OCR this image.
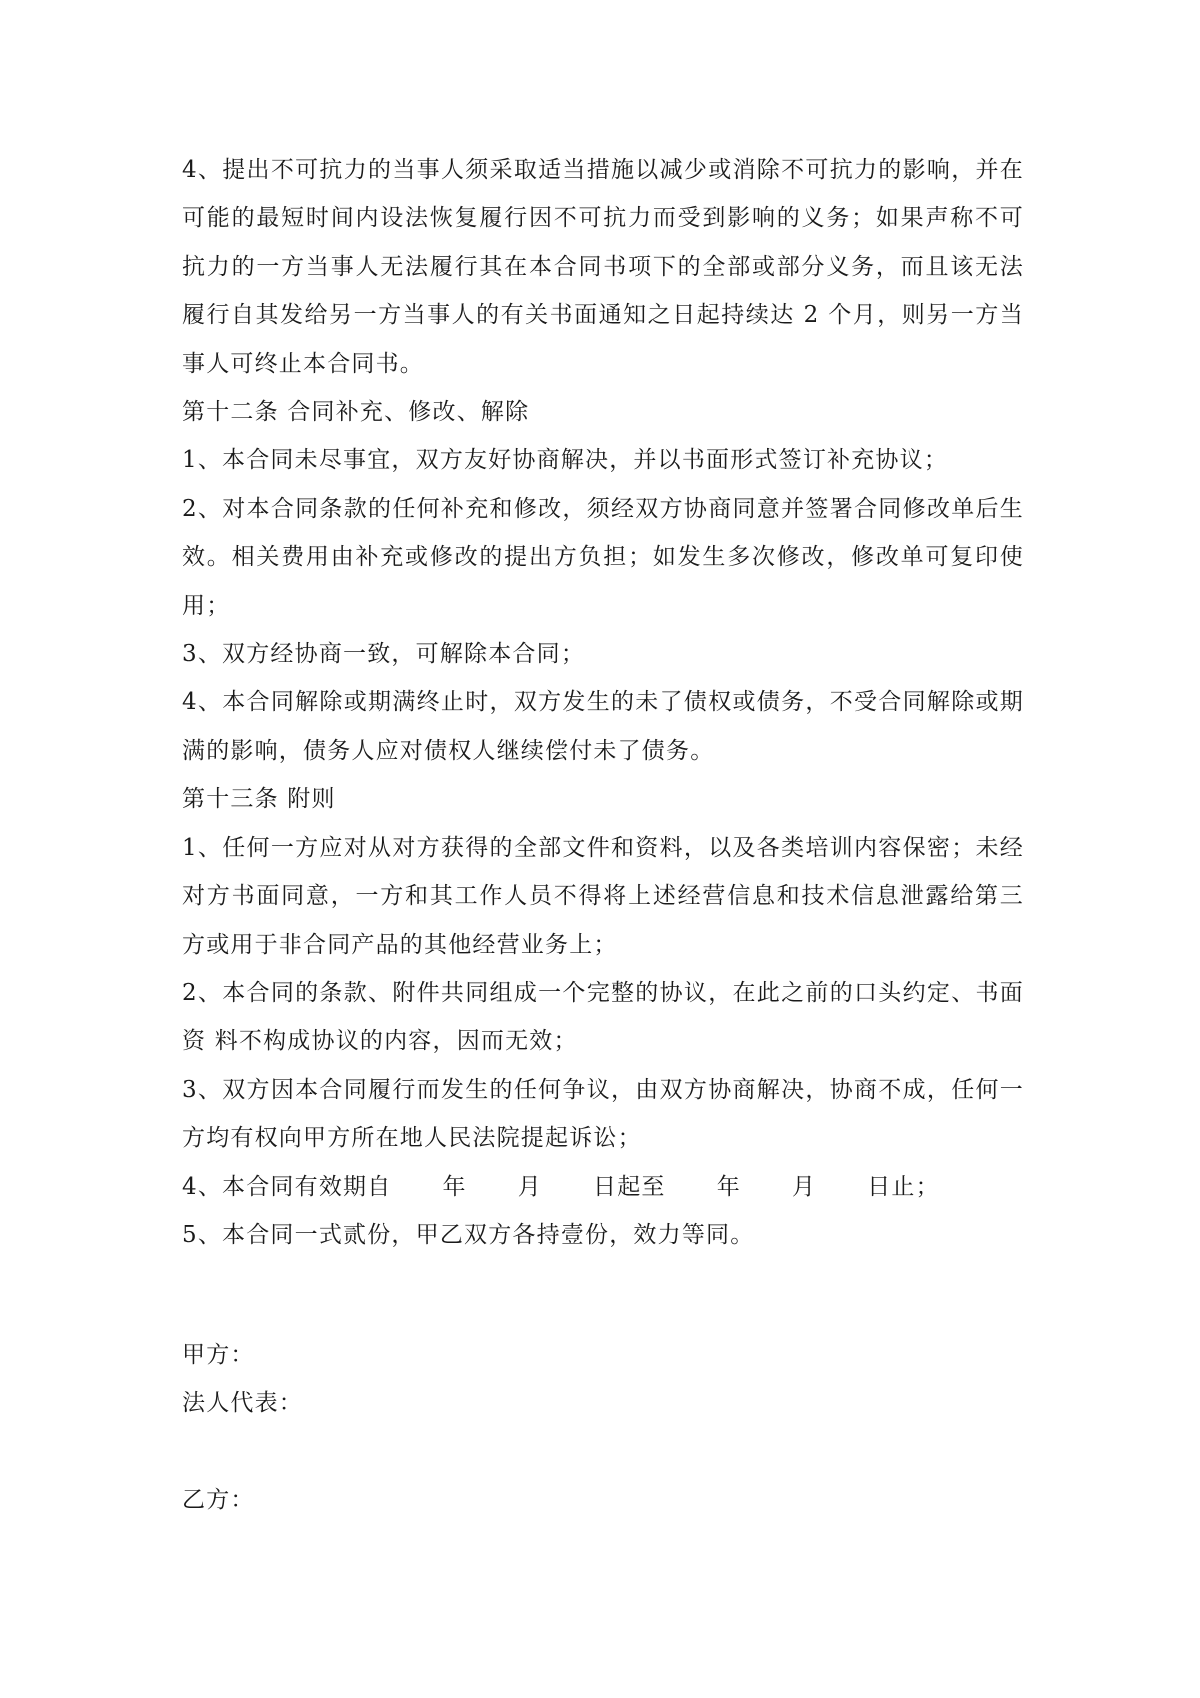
4、提出不可抗力的当事人须采取适当措施以减少或消除不可抗力的影响，并在可能的最短时间内设法恢复履行因不可抗力而受到影响的义务；如果声称不可抗力的一方当事人无法履行其在本合同书项下的全部或部分义务，而且该无法履行自其发给另一方当事人的有关书面通知之日起持续达 2 个月，则另一方当事人可终止本合同书。

第十二条 合同补充、修改、解除

1、本合同未尽事宜，双方友好协商解决，并以书面形式签订补充协议；

2、对本合同条款的任何补充和修改，须经双方协商同意并签署合同修改单后生效。相关费用由补充或修改的提出方负担；如发生多次修改，修改单可复印使用；

3、双方经协商一致，可解除本合同；

4、本合同解除或期满终止时，双方发生的未了债权或债务，不受合同解除或期满的影响，债务人应对债权人继续偿付未了债务。

第十三条 附则

1、任何一方应对从对方获得的全部文件和资料，以及各类培训内容保密；未经对方书面同意，一方和其工作人员不得将上述经营信息和技术信息泄露给第三方或用于非合同产品的其他经营业务上；

2、本合同的条款、附件共同组成一个完整的协议，在此之前的口头约定、书面资 料不构成协议的内容，因而无效；

3、双方因本合同履行而发生的任何争议，由双方协商解决，协商不成，任何一方均有权向甲方所在地人民法院提起诉讼；

4、本合同有效期自      年      月      日起至      年      月      日止；

5、本合同一式贰份，甲乙双方各持壹份，效力等同。

甲方：

法人代表：

乙方：
